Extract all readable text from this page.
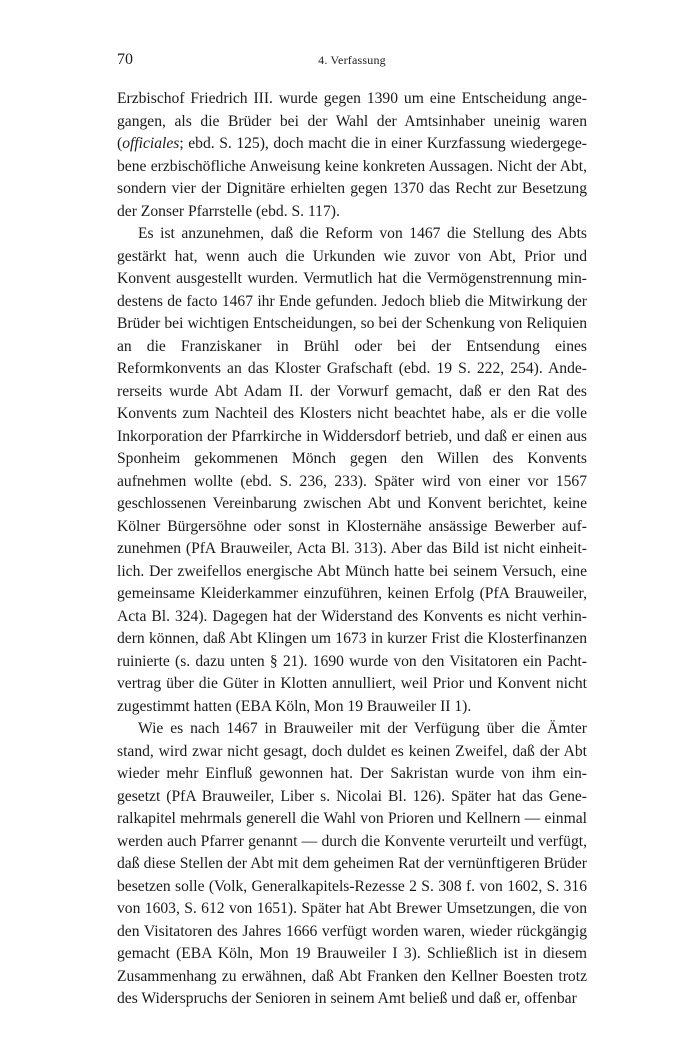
70	4. Verfassung

Erzbischof Friedrich III. wurde gegen 1390 um eine Entscheidung angegangen, als die Brüder bei der Wahl der Amtsinhaber uneinig waren (officiales; ebd. S. 125), doch macht die in einer Kurzfassung wiedergegebene erzbischöfliche Anweisung keine konkreten Aussagen. Nicht der Abt, sondern vier der Dignitäre erhielten gegen 1370 das Recht zur Besetzung der Zonser Pfarrstelle (ebd. S. 117).

Es ist anzunehmen, daß die Reform von 1467 die Stellung des Abts gestärkt hat, wenn auch die Urkunden wie zuvor von Abt, Prior und Konvent ausgestellt wurden. Vermutlich hat die Vermögenstrennung mindestens de facto 1467 ihr Ende gefunden. Jedoch blieb die Mitwirkung der Brüder bei wichtigen Entscheidungen, so bei der Schenkung von Reliquien an die Franziskaner in Brühl oder bei der Entsendung eines Reformkonvents an das Kloster Grafschaft (ebd. 19 S. 222, 254). Andererseits wurde Abt Adam II. der Vorwurf gemacht, daß er den Rat des Konvents zum Nachteil des Klosters nicht beachtet habe, als er die volle Inkorporation der Pfarrkirche in Widdersdorf betrieb, und daß er einen aus Sponheim gekommenen Mönch gegen den Willen des Konvents aufnehmen wollte (ebd. S. 236, 233). Später wird von einer vor 1567 geschlossenen Vereinbarung zwischen Abt und Konvent berichtet, keine Kölner Bürgersöhne oder sonst in Klosternähe ansässige Bewerber aufzunehmen (PfA Brauweiler, Acta Bl. 313). Aber das Bild ist nicht einheitlich. Der zweifellos energische Abt Münch hatte bei seinem Versuch, eine gemeinsame Kleiderkammer einzuführen, keinen Erfolg (PfA Brauweiler, Acta Bl. 324). Dagegen hat der Widerstand des Konvents es nicht verhindern können, daß Abt Klingen um 1673 in kurzer Frist die Klosterfinanzen ruinierte (s. dazu unten § 21). 1690 wurde von den Visitatoren ein Pachtvertrag über die Güter in Klotten annulliert, weil Prior und Konvent nicht zugestimmt hatten (EBA Köln, Mon 19 Brauweiler II 1).

Wie es nach 1467 in Brauweiler mit der Verfügung über die Ämter stand, wird zwar nicht gesagt, doch duldet es keinen Zweifel, daß der Abt wieder mehr Einfluß gewonnen hat. Der Sakristan wurde von ihm eingesetzt (PfA Brauweiler, Liber s. Nicolai Bl. 126). Später hat das Generalkapitel mehrmals generell die Wahl von Prioren und Kellnern — einmal werden auch Pfarrer genannt — durch die Konvente verurteilt und verfügt, daß diese Stellen der Abt mit dem geheimen Rat der vernünftigeren Brüder besetzen solle (Volk, Generalkapitels-Rezesse 2 S. 308 f. von 1602, S. 316 von 1603, S. 612 von 1651). Später hat Abt Brewer Umsetzungen, die von den Visitatoren des Jahres 1666 verfügt worden waren, wieder rückgängig gemacht (EBA Köln, Mon 19 Brauweiler I 3). Schließlich ist in diesem Zusammenhang zu erwähnen, daß Abt Franken den Kellner Boesten trotz des Widerspruchs der Senioren in seinem Amt beließ und daß er, offenbar
